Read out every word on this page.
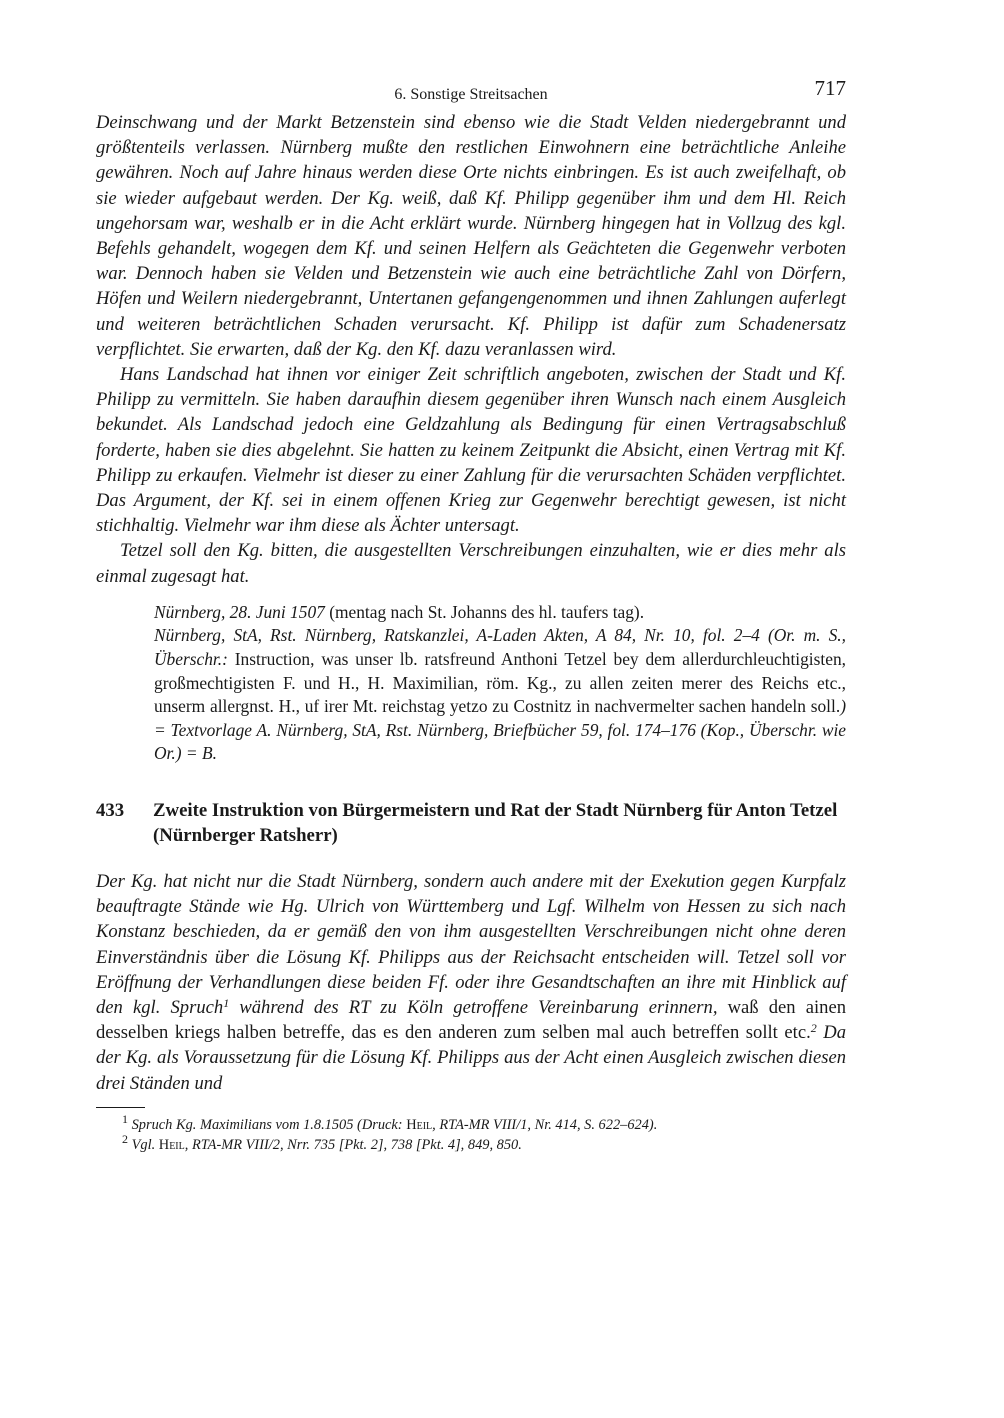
6. Sonstige Streitsachen	717

Deinschwang und der Markt Betzenstein sind ebenso wie die Stadt Velden niedergebrannt und größtenteils verlassen. Nürnberg mußte den restlichen Einwohnern eine beträchtliche Anleihe gewähren. Noch auf Jahre hinaus werden diese Orte nichts einbringen. Es ist auch zweifelhaft, ob sie wieder aufgebaut werden. Der Kg. weiß, daß Kf. Philipp gegenüber ihm und dem Hl. Reich ungehorsam war, weshalb er in die Acht erklärt wurde. Nürnberg hingegen hat in Vollzug des kgl. Befehls gehandelt, wogegen dem Kf. und seinen Helfern als Geächteten die Gegenwehr verboten war. Dennoch haben sie Velden und Betzenstein wie auch eine beträchtliche Zahl von Dörfern, Höfen und Weilern niedergebrannt, Untertanen gefangengenommen und ihnen Zahlungen auferlegt und weiteren beträchtlichen Schaden verursacht. Kf. Philipp ist dafür zum Schadenersatz verpflichtet. Sie erwarten, daß der Kg. den Kf. dazu veranlassen wird.

Hans Landschad hat ihnen vor einiger Zeit schriftlich angeboten, zwischen der Stadt und Kf. Philipp zu vermitteln. Sie haben daraufhin diesem gegenüber ihren Wunsch nach einem Ausgleich bekundet. Als Landschad jedoch eine Geldzahlung als Bedingung für einen Vertragsabschluß forderte, haben sie dies abgelehnt. Sie hatten zu keinem Zeitpunkt die Absicht, einen Vertrag mit Kf. Philipp zu erkaufen. Vielmehr ist dieser zu einer Zahlung für die verursachten Schäden verpflichtet. Das Argument, der Kf. sei in einem offenen Krieg zur Gegenwehr berechtigt gewesen, ist nicht stichhaltig. Vielmehr war ihm diese als Ächter untersagt.

Tetzel soll den Kg. bitten, die ausgestellten Verschreibungen einzuhalten, wie er dies mehr als einmal zugesagt hat.

Nürnberg, 28. Juni 1507 (mentag nach St. Johanns des hl. taufers tag).

Nürnberg, StA, Rst. Nürnberg, Ratskanzlei, A-Laden Akten, A 84, Nr. 10, fol. 2–4 (Or. m. S., Überschr.: Instruction, was unser lb. ratsfreund Anthoni Tetzel bey dem allerdurchleuchtigisten, großmechtigisten F. und H., H. Maximilian, röm. Kg., zu allen zeiten merer des Reichs etc., unserm allergnst. H., uf irer Mt. reichstag yetzo zu Costnitz in nachvermelter sachen handeln soll.) = Textvorlage A. Nürnberg, StA, Rst. Nürnberg, Briefbücher 59, fol. 174–176 (Kop., Überschr. wie Or.) = B.

433	Zweite Instruktion von Bürgermeistern und Rat der Stadt Nürnberg für Anton Tetzel (Nürnberger Ratsherr)

Der Kg. hat nicht nur die Stadt Nürnberg, sondern auch andere mit der Exekution gegen Kurpfalz beauftragte Stände wie Hg. Ulrich von Württemberg und Lgf. Wilhelm von Hessen zu sich nach Konstanz beschieden, da er gemäß den von ihm ausgestellten Verschreibungen nicht ohne deren Einverständnis über die Lösung Kf. Philipps aus der Reichsacht entscheiden will. Tetzel soll vor Eröffnung der Verhandlungen diese beiden Ff. oder ihre Gesandtschaften an ihre mit Hinblick auf den kgl. Spruch$^1$ während des RT zu Köln getroffene Vereinbarung erinnern, waß den ainen desselben kriegs halben betreffe, das es den anderen zum selben mal auch betreffen sollt etc.$^2$ Da der Kg. als Voraussetzung für die Lösung Kf. Philipps aus der Acht einen Ausgleich zwischen diesen drei Ständen und

$^1$ Spruch Kg. Maximilians vom 1.8.1505 (Druck: Heil, RTA-MR VIII/1, Nr. 414, S. 622–624).
$^2$ Vgl. Heil, RTA-MR VIII/2, Nrr. 735 [Pkt. 2], 738 [Pkt. 4], 849, 850.
